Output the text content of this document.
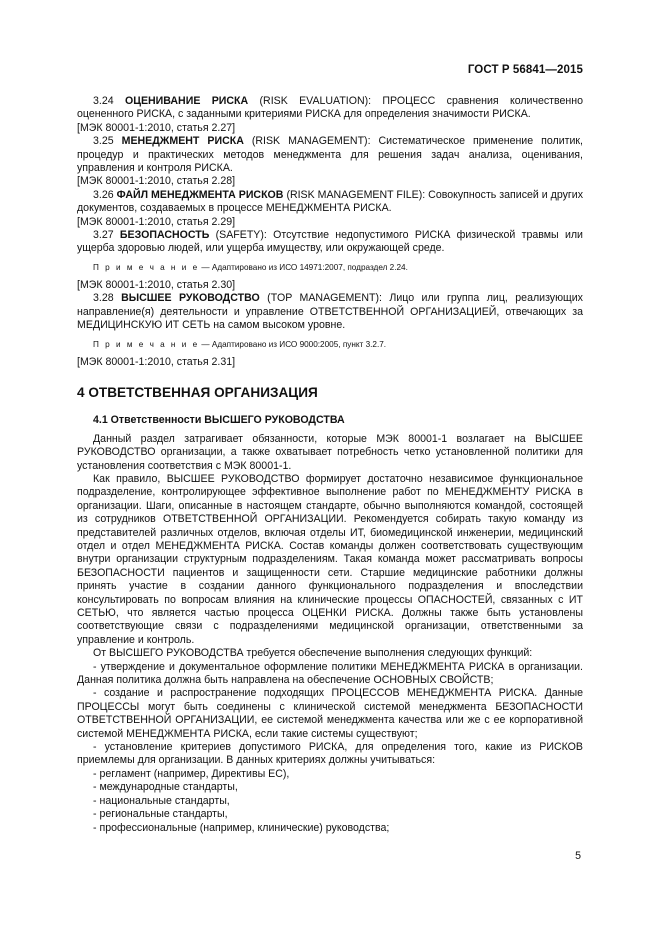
ГОСТ Р 56841—2015

3.24 ОЦЕНИВАНИЕ РИСКА (RISK EVALUATION): ПРОЦЕСС сравнения количественно оцененного РИСКА, с заданными критериями РИСКА для определения значимости РИСКА.

[МЭК 80001-1:2010, статья 2.27]

3.25 МЕНЕДЖМЕНТ РИСКА (RISK MANAGEMENT): Систематическое применение политик, процедур и практических методов менеджмента для решения задач анализа, оценивания, управления и контроля РИСКА.

[МЭК 80001-1:2010, статья 2.28]

3.26 ФАЙЛ МЕНЕДЖМЕНТА РИСКОВ (RISK MANAGEMENT FILE): Совокупность записей и других документов, создаваемых в процессе МЕНЕДЖМЕНТА РИСКА.

[МЭК 80001-1:2010, статья 2.29]

3.27 БЕЗОПАСНОСТЬ (SAFETY): Отсутствие недопустимого РИСКА физической травмы или ущерба здоровью людей, или ущерба имуществу, или окружающей среде.

П р и м е ч а н и е — Адаптировано из ИСО 14971:2007, подраздел 2.24.

[МЭК 80001-1:2010, статья 2.30]

3.28 ВЫСШЕЕ РУКОВОДСТВО (TOP MANAGEMENT): Лицо или группа лиц, реализующих направление(я) деятельности и управление ОТВЕТСТВЕННОЙ ОРГАНИЗАЦИЕЙ, отвечающих за МЕДИЦИНСКУЮ ИТ СЕТЬ на самом высоком уровне.

П р и м е ч а н и е — Адаптировано из ИСО 9000:2005, пункт 3.2.7.

[МЭК 80001-1:2010, статья 2.31]

4 ОТВЕТСТВЕННАЯ ОРГАНИЗАЦИЯ
4.1 Ответственности ВЫСШЕГО РУКОВОДСТВА

Данный раздел затрагивает обязанности, которые МЭК 80001-1 возлагает на ВЫСШЕЕ РУКОВОДСТВО организации, а также охватывает потребность четко установленной политики для установления соответствия с МЭК 80001-1.

Как правило, ВЫСШЕЕ РУКОВОДСТВО формирует достаточно независимое функциональное подразделение, контролирующее эффективное выполнение работ по МЕНЕДЖМЕНТУ РИСКА в организации. Шаги, описанные в настоящем стандарте, обычно выполняются командой, состоящей из сотрудников ОТВЕТСТВЕННОЙ ОРГАНИЗАЦИИ. Рекомендуется собирать такую команду из представителей различных отделов, включая отделы ИТ, биомедицинской инженерии, медицинский отдел и отдел МЕНЕДЖМЕНТА РИСКА. Состав команды должен соответствовать существующим внутри организации структурным подразделениям. Такая команда может рассматривать вопросы БЕЗОПАСНОСТИ пациентов и защищенности сети. Старшие медицинские работники должны принять участие в создании данного функционального подразделения и впоследствии консультировать по вопросам влияния на клинические процессы ОПАСНОСТЕЙ, связанных с ИТ СЕТЬЮ, что является частью процесса ОЦЕНКИ РИСКА. Должны также быть установлены соответствующие связи с подразделениями медицинской организации, ответственными за управление и контроль.

От ВЫСШЕГО РУКОВОДСТВА требуется обеспечение выполнения следующих функций:

- утверждение и документальное оформление политики МЕНЕДЖМЕНТА РИСКА в организации. Данная политика должна быть направлена на обеспечение ОСНОВНЫХ СВОЙСТВ;

- создание и распространение подходящих ПРОЦЕССОВ МЕНЕДЖМЕНТА РИСКА. Данные ПРОЦЕССЫ могут быть соединены с клинической системой менеджмента БЕЗОПАСНОСТИ ОТВЕТСТВЕННОЙ ОРГАНИЗАЦИИ, ее системой менеджмента качества или же с ее корпоративной системой МЕНЕДЖМЕНТА РИСКА, если такие системы существуют;

- установление критериев допустимого РИСКА, для определения того, какие из РИСКОВ приемлемы для организации. В данных критериях должны учитываться:

- регламент (например, Директивы ЕС),

- международные стандарты,

- национальные стандарты,

- региональные стандарты,

- профессиональные (например, клинические) руководства;

5
